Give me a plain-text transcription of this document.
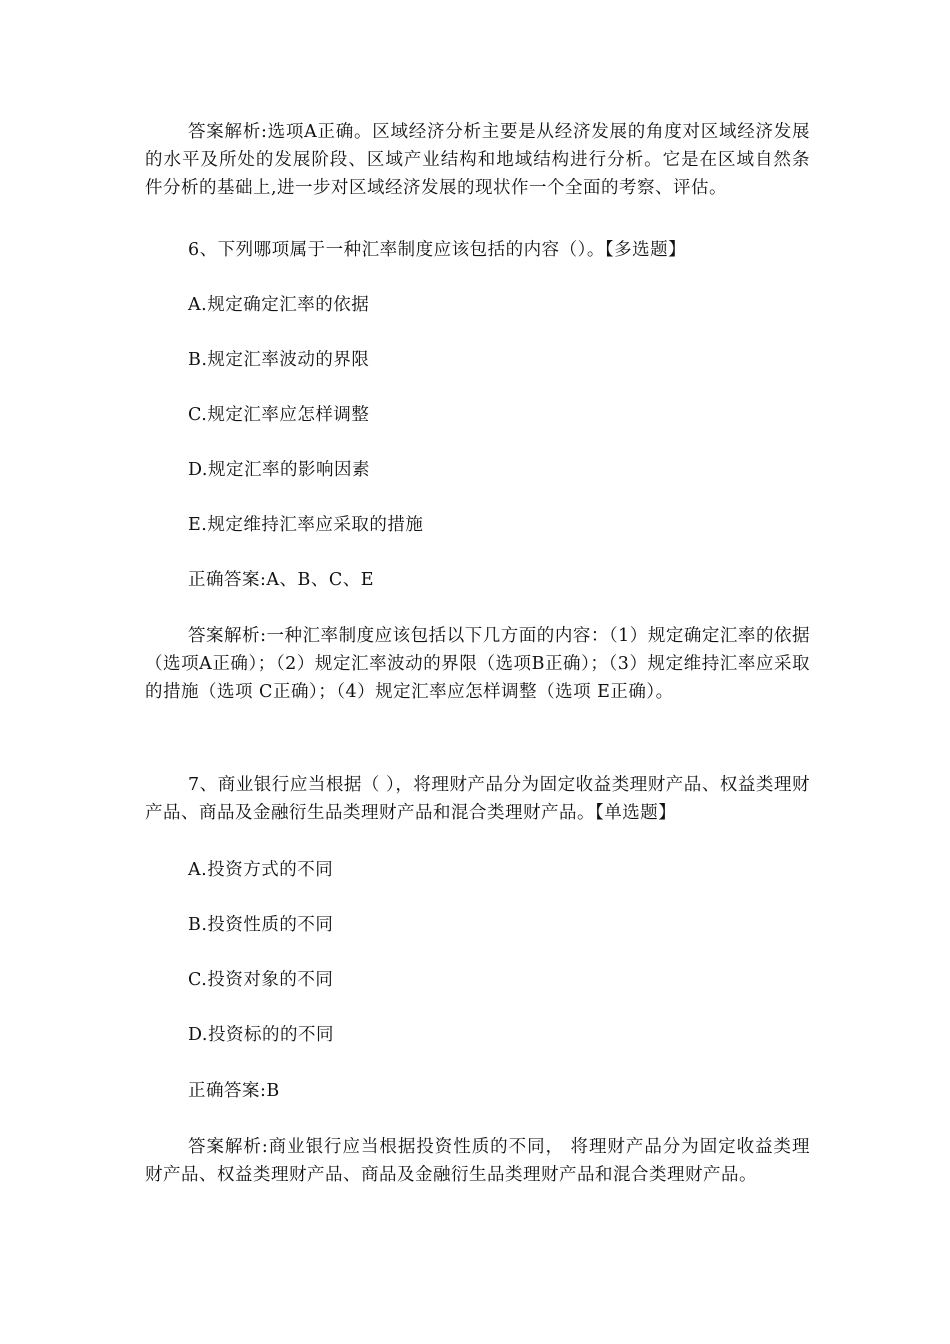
答案解析:选项A正确。区域经济分析主要是从经济发展的角度对区域经济发展的水平及所处的发展阶段、区域产业结构和地域结构进行分析。它是在区域自然条件分析的基础上,进一步对区域经济发展的现状作一个全面的考察、评估。

6、下列哪项属于一种汇率制度应该包括的内容（）。【多选题】

A.规定确定汇率的依据

B.规定汇率波动的界限

C.规定汇率应怎样调整

D.规定汇率的影响因素

E.规定维持汇率应采取的措施

正确答案:A、B、C、E

答案解析:一种汇率制度应该包括以下几方面的内容：（1）规定确定汇率的依据（选项A正确）；（2）规定汇率波动的界限（选项B正确）；（3）规定维持汇率应采取的措施（选项 C正确）；（4）规定汇率应怎样调整（选项 E正确）。

7、商业银行应当根据（ ），将理财产品分为固定收益类理财产品、权益类理财产品、商品及金融衍生品类理财产品和混合类理财产品。【单选题】

A.投资方式的不同

B.投资性质的不同

C.投资对象的不同

D.投资标的的不同

正确答案:B

答案解析:商业银行应当根据投资性质的不同， 将理财产品分为固定收益类理财产品、权益类理财产品、商品及金融衍生品类理财产品和混合类理财产品。
